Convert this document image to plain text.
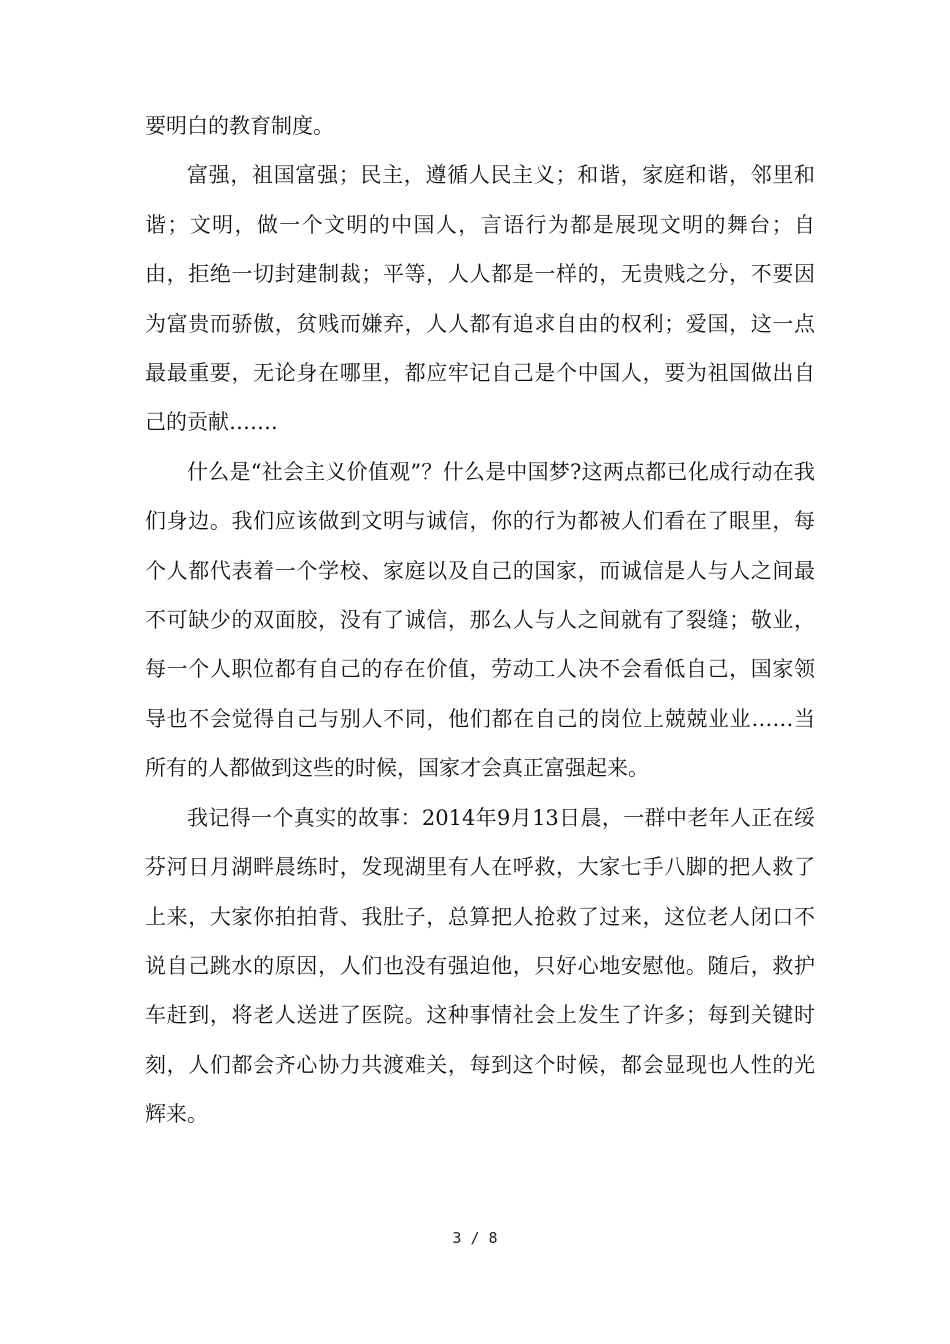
要明白的教育制度。

富强，祖国富强；民主，遵循人民主义；和谐，家庭和谐，邻里和谐；文明，做一个文明的中国人，言语行为都是展现文明的舞台；自由，拒绝一切封建制裁；平等，人人都是一样的，无贵贱之分，不要因为富贵而骄傲，贫贱而嫌弃，人人都有追求自由的权利；爱国，这一点最最重要，无论身在哪里，都应牢记自己是个中国人，要为祖国做出自己的贡献…….

什么是“社会主义价值观”？什么是中国梦?这两点都已化成行动在我们身边。我们应该做到文明与诚信，你的行为都被人们看在了眼里，每个人都代表着一个学校、家庭以及自己的国家，而诚信是人与人之间最不可缺少的双面胶，没有了诚信，那么人与人之间就有了裂缝；敬业，每一个人职位都有自己的存在价值，劳动工人决不会看低自己，国家领导也不会觉得自己与别人不同，他们都在自己的岗位上兢兢业业……当所有的人都做到这些的时候，国家才会真正富强起来。

我记得一个真实的故事：2014年9月13日晨，一群中老年人正在绥芬河日月湖畔晨练时，发现湖里有人在呼救，大家七手八脚的把人救了上来，大家你拍拍背、我肚子，总算把人抢救了过来，这位老人闭口不说自己跳水的原因，人们也没有强迫他，只好心地安慰他。随后，救护车赶到，将老人送进了医院。这种事情社会上发生了许多；每到关键时刻，人们都会齐心协力共渡难关，每到这个时候，都会显现也人性的光辉来。

3 / 8
